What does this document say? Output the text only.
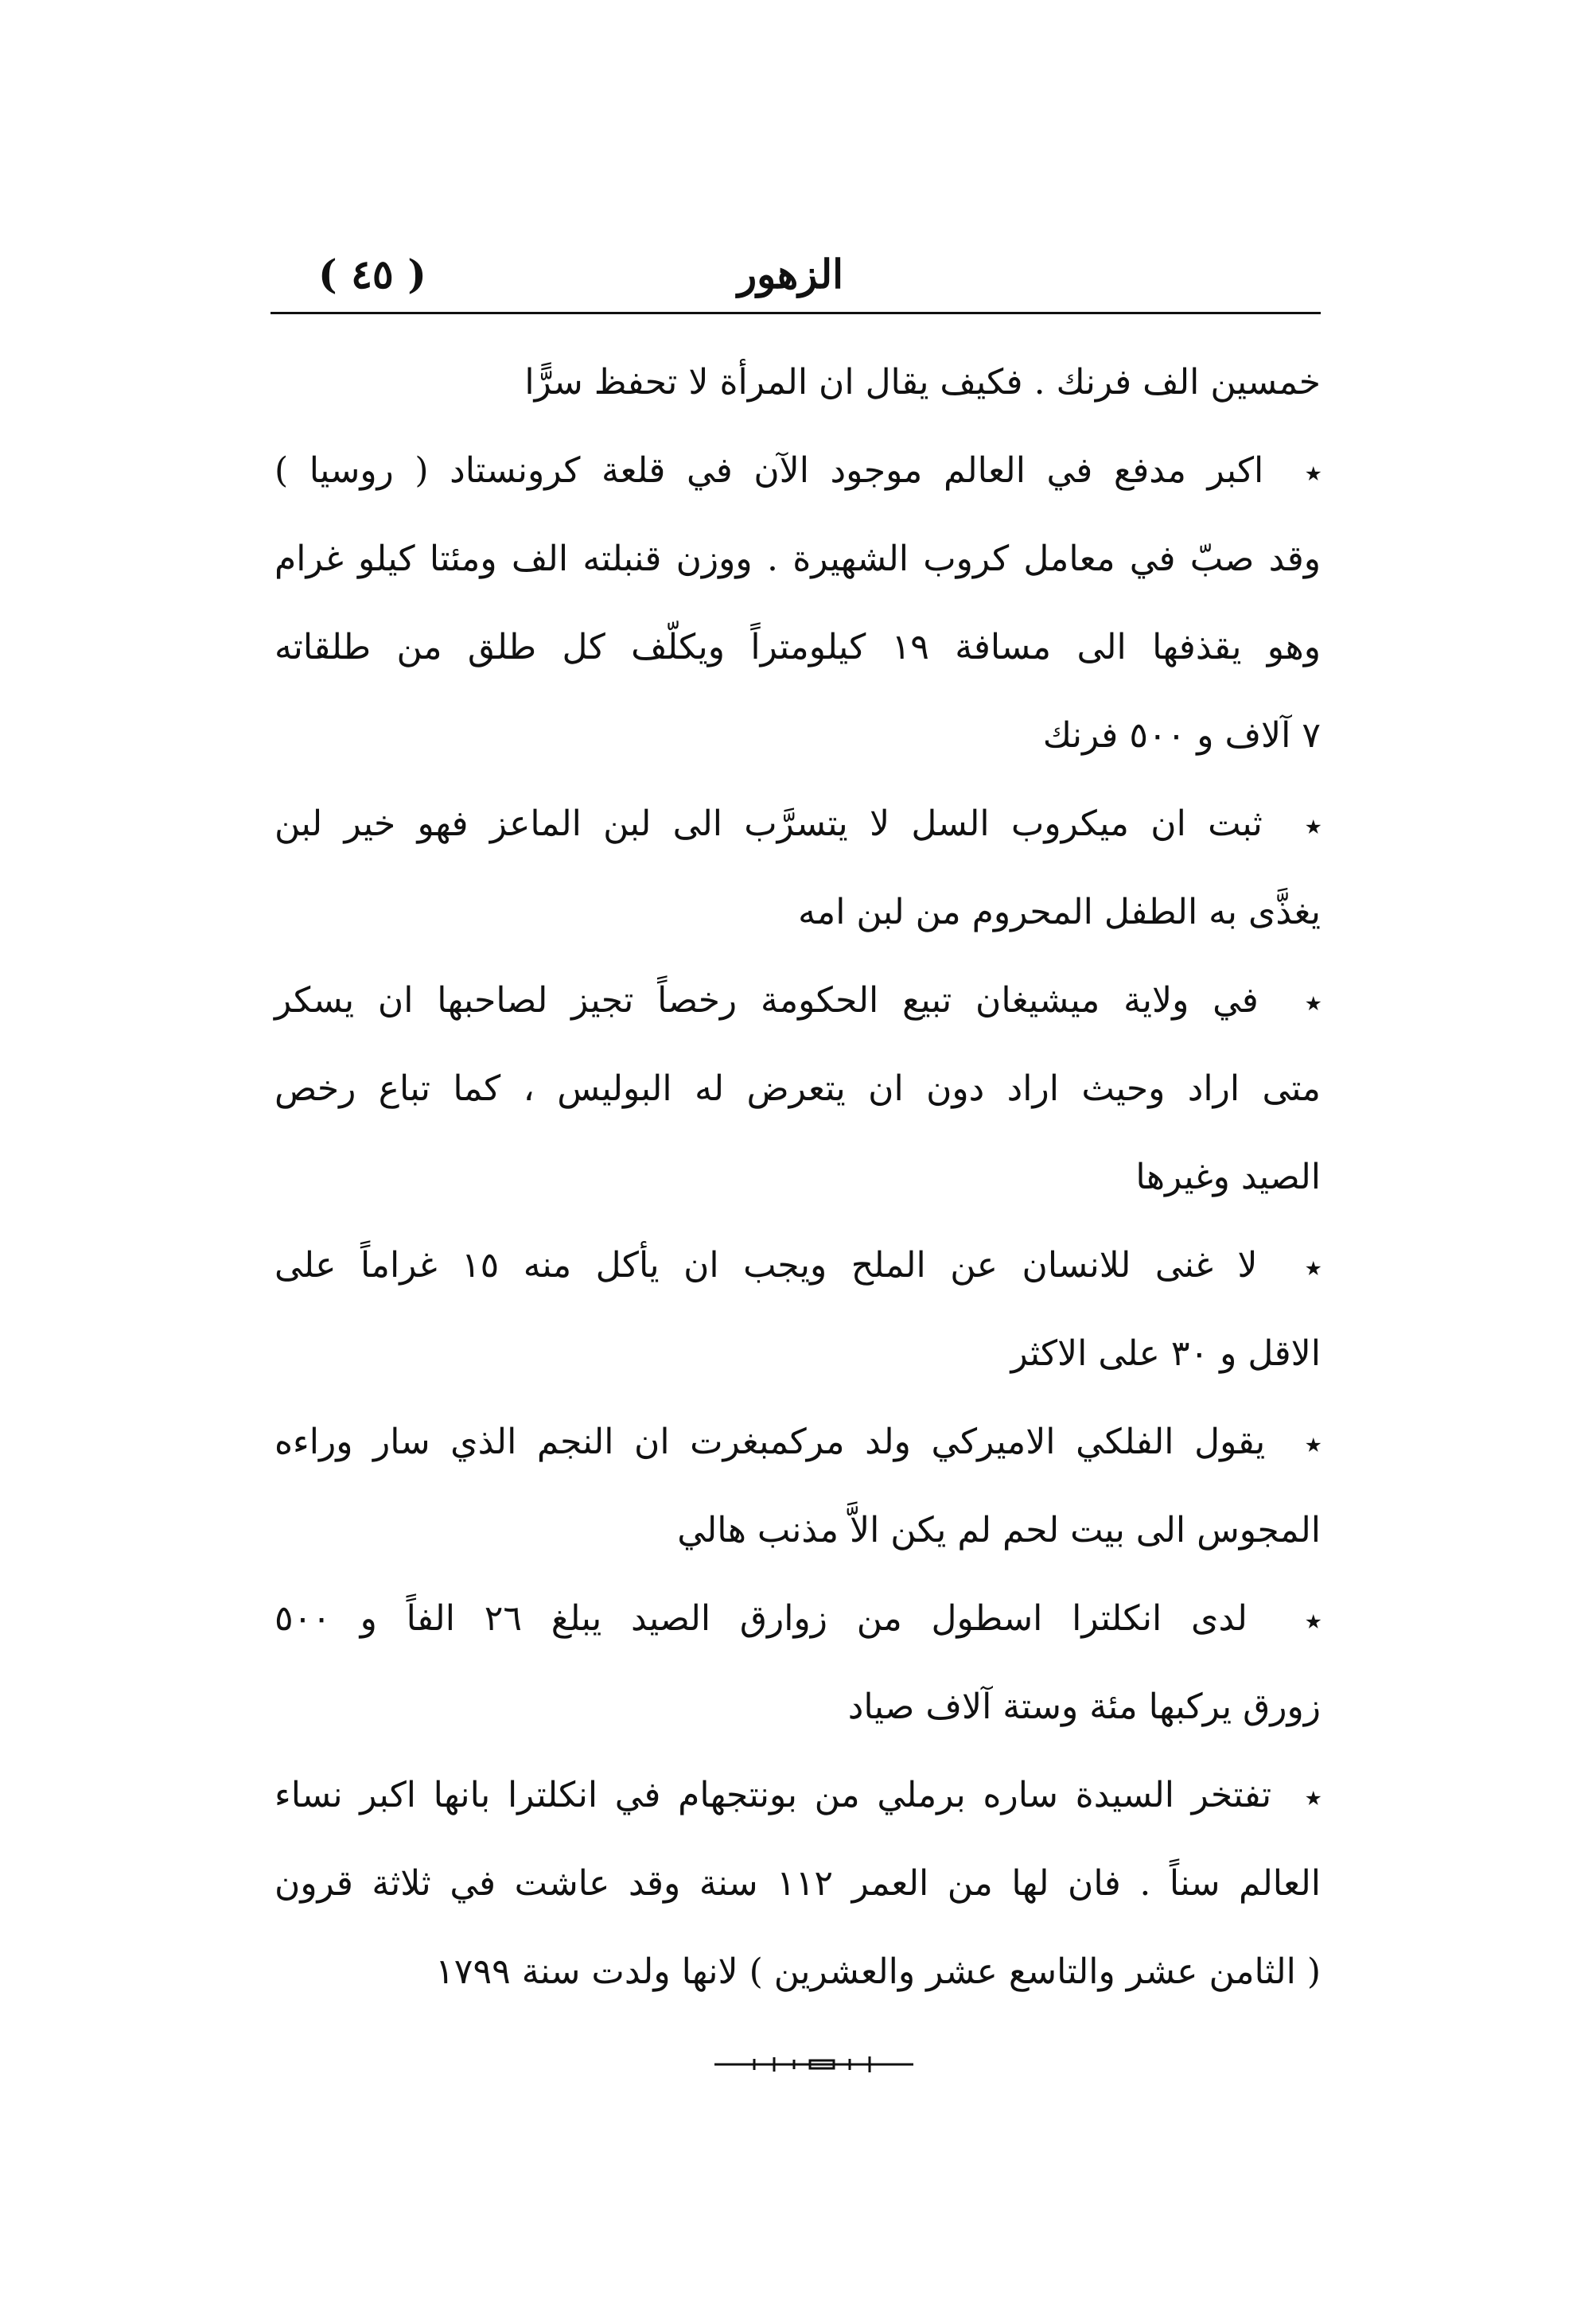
الزهور
( ٤٥ )
خمسين الف فرنك . فكيف يقال ان المرأة لا تحفظ سرًّا
٭  اكبر مدفع في العالم موجود الآن في قلعة كرونستاد ( روسيا )
وقد صبّ في معامل كروب الشهيرة . ووزن قنبلته الف ومئتا كيلو غرام
وهو يقذفها الى مسافة ١٩ كيلومتراً ويكلّف كل طلق من طلقاته
٧ آلاف و ٥٠٠ فرنك
٭  ثبت ان ميكروب السل لا يتسرَّب الى لبن الماعز فهو خير لبن
يغذَّى به الطفل المحروم من لبن امه
٭  في ولاية ميشيغان تبيع الحكومة رخصاً تجيز لصاحبها ان يسكر
متى اراد وحيث اراد دون ان يتعرض له البوليس ، كما تباع رخص
الصيد وغيرها
٭  لا غنى للانسان عن الملح ويجب ان يأكل منه ١٥ غراماً على
الاقل و ٣٠ على الاكثر
٭  يقول الفلكي الاميركي ولد مركمبغرت ان النجم الذي سار وراءه
المجوس الى بيت لحم لم يكن الاَّ مذنب هالي
٭  لدى انكلترا اسطول من زوارق الصيد يبلغ ٢٦ الفاً و ٥٠٠
زورق يركبها مئة وستة آلاف صياد
٭  تفتخر السيدة ساره برملي من بونتجهام في انكلترا بانها اكبر نساء
العالم سناً . فان لها من العمر ١١٢ سنة وقد عاشت في ثلاثة قرون
( الثامن عشر والتاسع عشر والعشرين ) لانها ولدت سنة ١٧٩٩
